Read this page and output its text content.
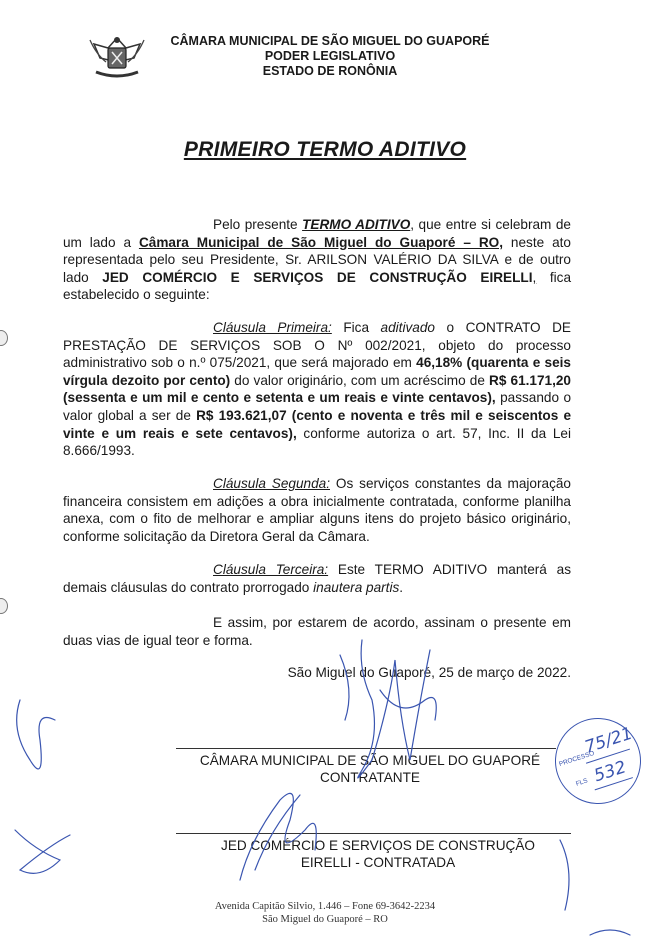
CÂMARA MUNICIPAL DE SÃO MIGUEL DO GUAPORÉ
PODER LEGISLATIVO
ESTADO DE RONÔNIA
PRIMEIRO TERMO ADITIVO

Pelo presente TERMO ADITIVO, que entre si celebram de um lado a Câmara Municipal de São Miguel do Guaporé – RO, neste ato representada pelo seu Presidente, Sr. ARILSON VALÉRIO DA SILVA e de outro lado JED COMÉRCIO E SERVIÇOS DE CONSTRUÇÃO EIRELLI, fica estabelecido o seguinte:

Cláusula Primeira: Fica aditivado o CONTRATO DE PRESTAÇÃO DE SERVIÇOS SOB O Nº 002/2021, objeto do processo administrativo sob o n.º 075/2021, que será majorado em 46,18% (quarenta e seis vírgula dezoito por cento) do valor originário, com um acréscimo de R$ 61.171,20 (sessenta e um mil e cento e setenta e um reais e vinte centavos), passando o valor global a ser de R$ 193.621,07 (cento e noventa e três mil e seiscentos e vinte e um reais e sete centavos), conforme autoriza o art. 57, Inc. II da Lei 8.666/1993.

Cláusula Segunda: Os serviços constantes da majoração financeira consistem em adições a obra inicialmente contratada, conforme planilha anexa, com o fito de melhorar e ampliar alguns itens do projeto básico originário, conforme solicitação da Diretora Geral da Câmara.

Cláusula Terceira: Este TERMO ADITIVO manterá as demais cláusulas do contrato prorrogado inautera partis.

E assim, por estarem de acordo, assinam o presente em duas vias de igual teor e forma.

São Miguel do Guaporé, 25 de março de 2022.
CÂMARA MUNICIPAL DE SÃO MIGUEL DO GUAPORÉ
CONTRATANTE
JED COMÉRCIO E SERVIÇOS DE CONSTRUÇÃO
EIRELLI - CONTRATADA
PROCESSO
75/21
FLS 532
Avenida Capitão Silvio, 1.446 – Fone 69-3642-2234
São Miguel do Guaporé – RO
